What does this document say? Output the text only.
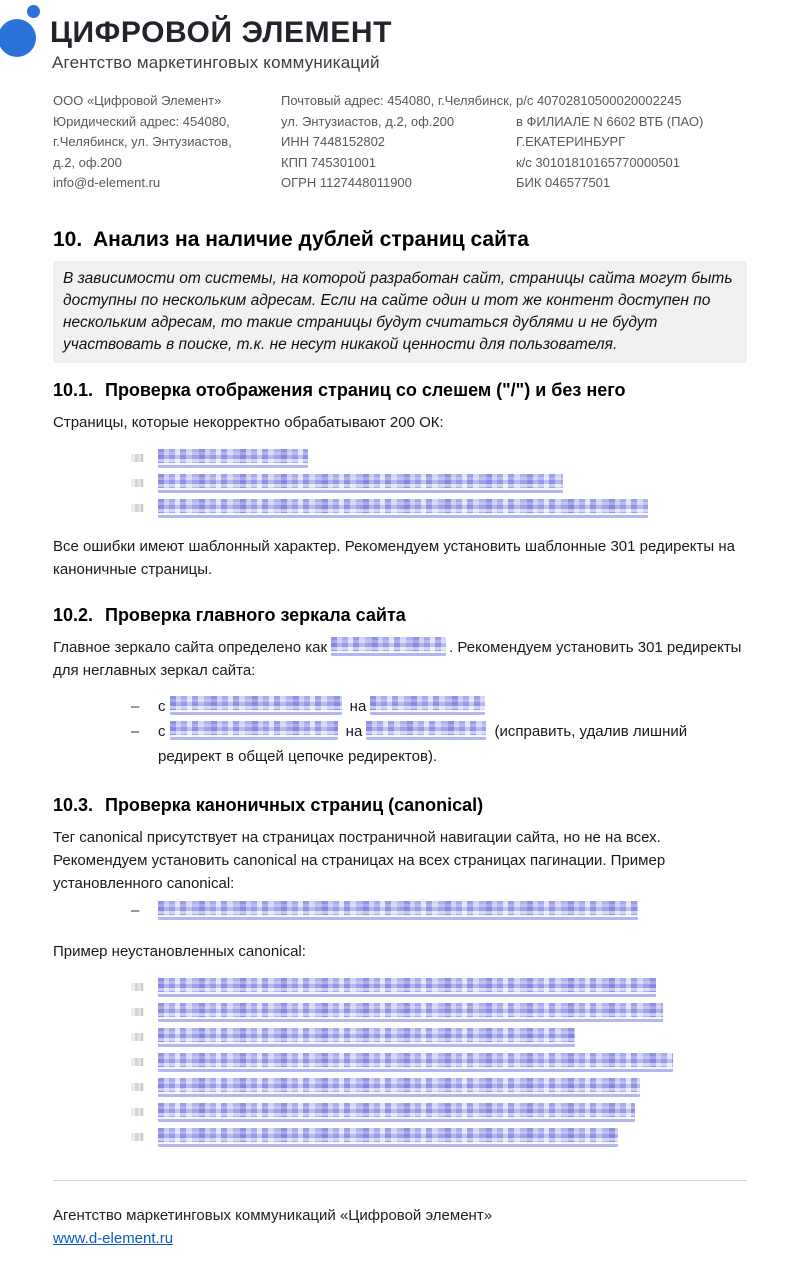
ЦИФРОВОЙ ЭЛЕМЕНТ
Агентство маркетинговых коммуникаций
ООО «Цифровой Элемент»
Юридический адрес: 454080,
г.Челябинск, ул. Энтузиастов,
д.2, оф.200
info@d-element.ru
Почтовый адрес: 454080, г.Челябинск,
ул. Энтузиастов, д.2, оф.200
ИНН 7448152802
КПП 745301001
ОГРН 1127448011900
р/с 40702810500020002245
в ФИЛИАЛЕ N 6602 ВТБ (ПАО)
Г.ЕКАТЕРИНБУРГ
к/с 30101810165770000501
БИК 046577501
10. Анализ на наличие дублей страниц сайта
В зависимости от системы, на которой разработан сайт, страницы сайта могут быть доступны по нескольким адресам. Если на сайте один и тот же контент доступен по нескольким адресам, то такие страницы будут считаться дублями и не будут участвовать в поиске, т.к. не несут никакой ценности для пользователя.
10.1. Проверка отображения страниц со слешем ("/") и без него

Страницы, которые некорректно обрабатывают 200 ОК:

Все ошибки имеют шаблонный характер. Рекомендуем установить шаблонные 301 редиректы на каноничные страницы.

10.2. Проверка главного зеркала сайта

Главное зеркало сайта определено как	. Рекомендуем установить 301 редиректы для неглавных зеркал сайта:

– с	на
– с	на	(исправить, удалив лишний редирект в общей цепочке редиректов).
10.3. Проверка каноничных страниц (canonical)

Тег canonical присутствует на страницах постраничной навигации сайта, но не на всех. Рекомендуем установить canonical на страницах на всех страницах пагинации. Пример установленного canonical:

–

Пример неустановленных canonical:

Агентство маркетинговых коммуникаций «Цифровой элемент»

www.d-element.ru
